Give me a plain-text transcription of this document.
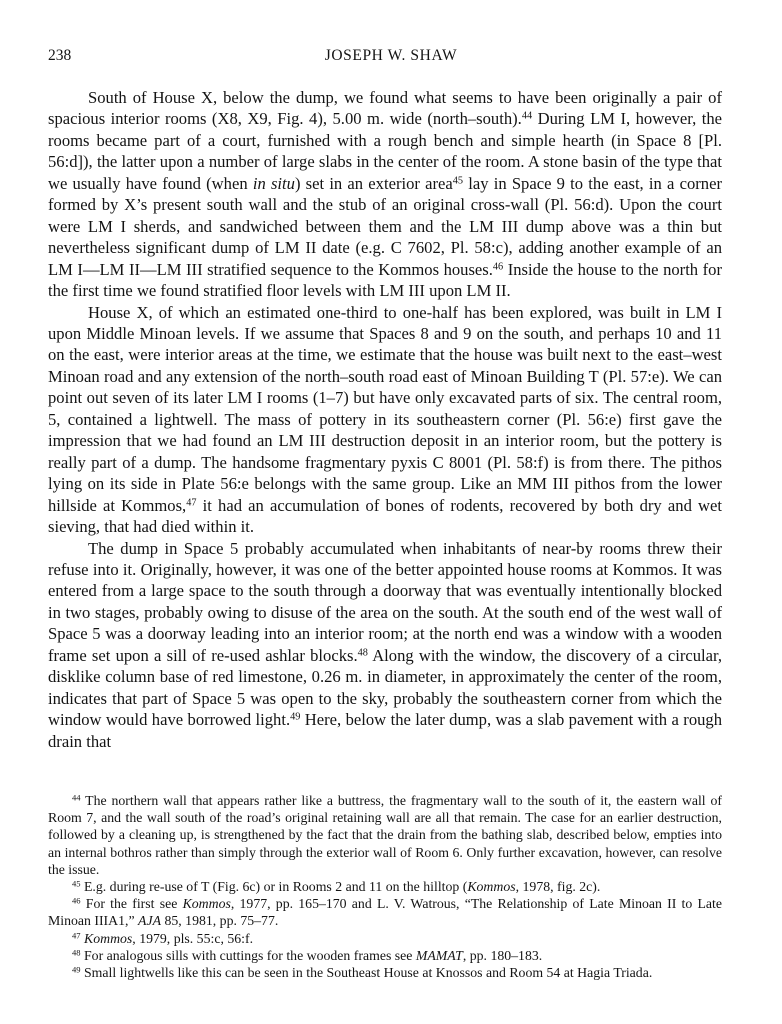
238	JOSEPH W. SHAW

South of House X, below the dump, we found what seems to have been originally a pair of spacious interior rooms (X8, X9, Fig. 4), 5.00 m. wide (north–south).$^{44}$ During LM I, however, the rooms became part of a court, furnished with a rough bench and simple hearth (in Space 8 [Pl. 56:d]), the latter upon a number of large slabs in the center of the room. A stone basin of the type that we usually have found (when in situ) set in an exterior area$^{45}$ lay in Space 9 to the east, in a corner formed by X’s present south wall and the stub of an original cross-wall (Pl. 56:d). Upon the court were LM I sherds, and sandwiched between them and the LM III dump above was a thin but nevertheless significant dump of LM II date (e.g. C 7602, Pl. 58:c), adding another example of an LM I—LM II—LM III stratified sequence to the Kommos houses.$^{46}$ Inside the house to the north for the first time we found stratified floor levels with LM III upon LM II.

House X, of which an estimated one-third to one-half has been explored, was built in LM I upon Middle Minoan levels. If we assume that Spaces 8 and 9 on the south, and perhaps 10 and 11 on the east, were interior areas at the time, we estimate that the house was built next to the east–west Minoan road and any extension of the north–south road east of Minoan Building T (Pl. 57:e). We can point out seven of its later LM I rooms (1–7) but have only excavated parts of six. The central room, 5, contained a lightwell. The mass of pottery in its southeastern corner (Pl. 56:e) first gave the impression that we had found an LM III destruction deposit in an interior room, but the pottery is really part of a dump. The handsome fragmentary pyxis C 8001 (Pl. 58:f) is from there. The pithos lying on its side in Plate 56:e belongs with the same group. Like an MM III pithos from the lower hillside at Kommos,$^{47}$ it had an accumulation of bones of rodents, recovered by both dry and wet sieving, that had died within it.

The dump in Space 5 probably accumulated when inhabitants of near-by rooms threw their refuse into it. Originally, however, it was one of the better appointed house rooms at Kommos. It was entered from a large space to the south through a doorway that was eventually intentionally blocked in two stages, probably owing to disuse of the area on the south. At the south end of the west wall of Space 5 was a doorway leading into an interior room; at the north end was a window with a wooden frame set upon a sill of re-used ashlar blocks.$^{48}$ Along with the window, the discovery of a circular, disklike column base of red limestone, 0.26 m. in diameter, in approximately the center of the room, indicates that part of Space 5 was open to the sky, probably the southeastern corner from which the window would have borrowed light.$^{49}$ Here, below the later dump, was a slab pavement with a rough drain that

$^{44}$ The northern wall that appears rather like a buttress, the fragmentary wall to the south of it, the eastern wall of Room 7, and the wall south of the road’s original retaining wall are all that remain. The case for an earlier destruction, followed by a cleaning up, is strengthened by the fact that the drain from the bathing slab, described below, empties into an internal bothros rather than simply through the exterior wall of Room 6. Only further excavation, however, can resolve the issue.

$^{45}$ E.g. during re-use of T (Fig. 6c) or in Rooms 2 and 11 on the hilltop (Kommos, 1978, fig. 2c).

$^{46}$ For the first see Kommos, 1977, pp. 165–170 and L. V. Watrous, “The Relationship of Late Minoan II to Late Minoan IIIA1,” AJA 85, 1981, pp. 75–77.

$^{47}$ Kommos, 1979, pls. 55:c, 56:f.

$^{48}$ For analogous sills with cuttings for the wooden frames see MAMAT, pp. 180–183.

$^{49}$ Small lightwells like this can be seen in the Southeast House at Knossos and Room 54 at Hagia Triada.
